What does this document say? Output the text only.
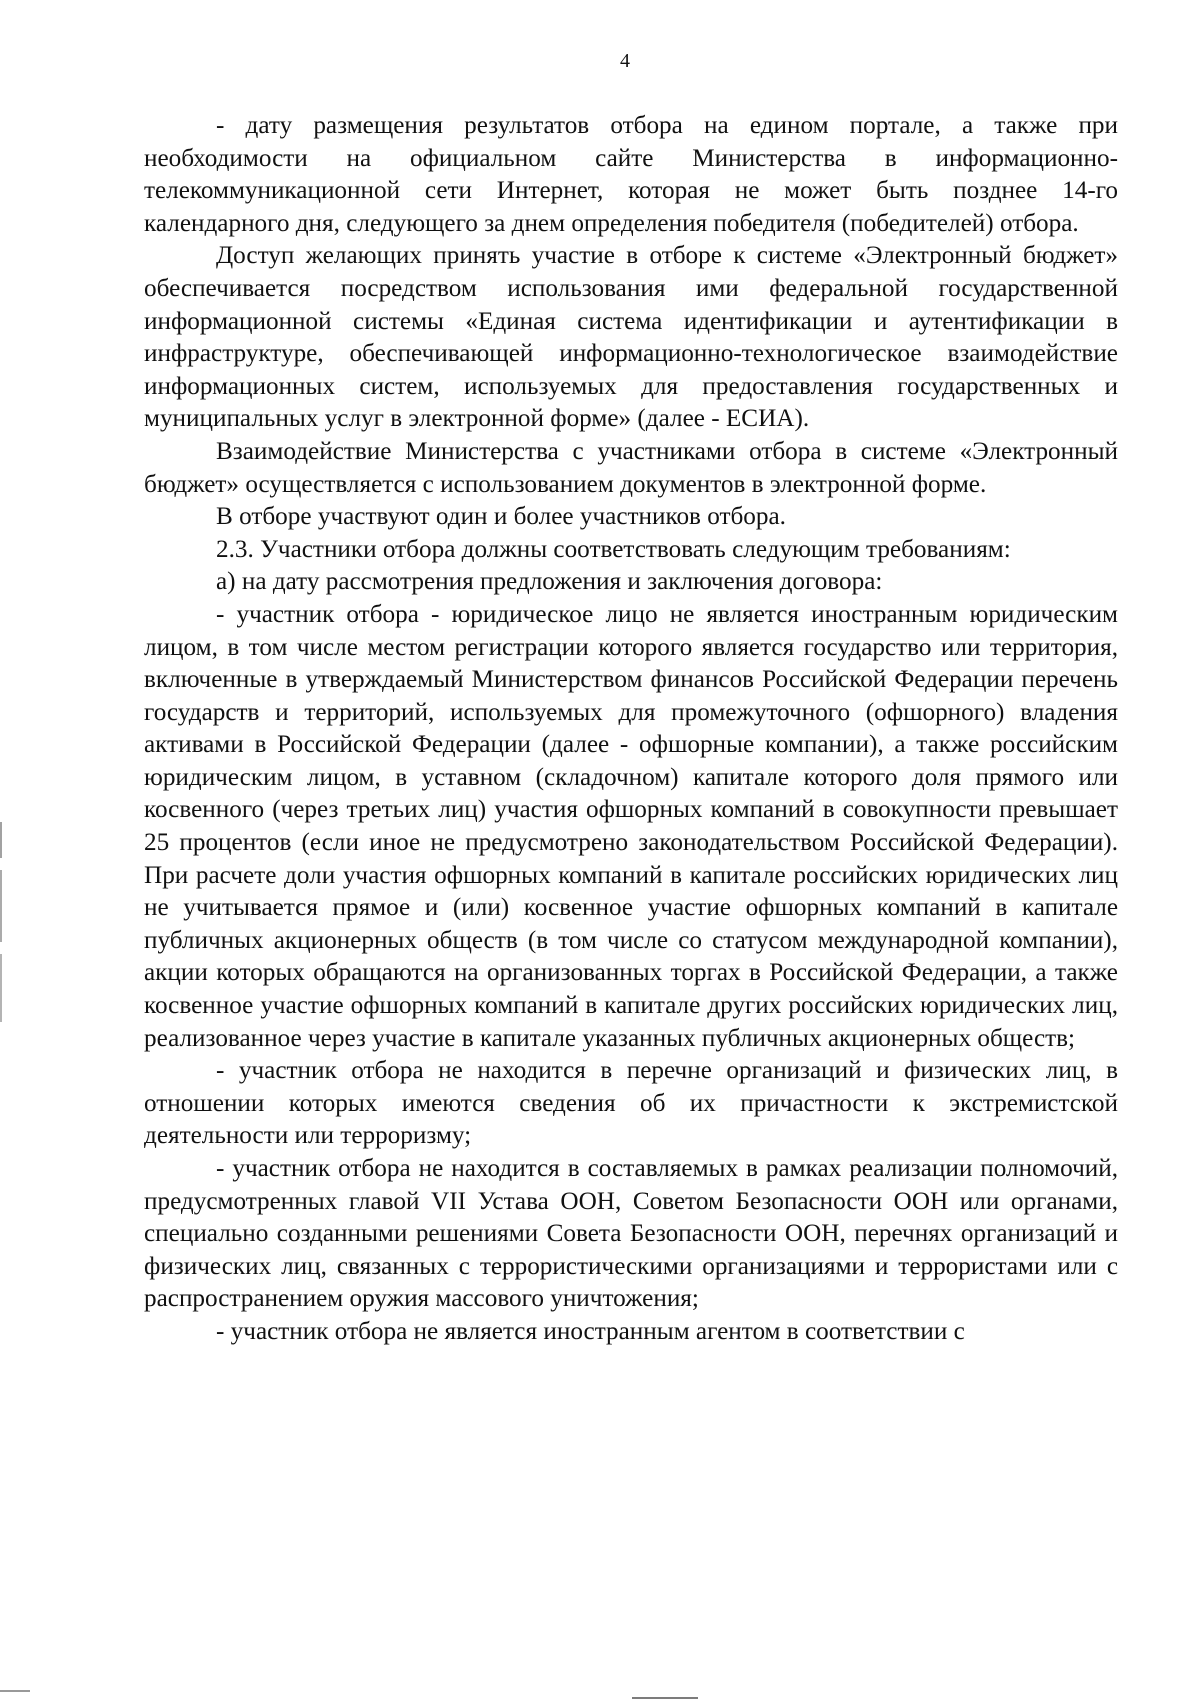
4

- дату размещения результатов отбора на едином портале, а также при необходимости на официальном сайте Министерства в информационно-телекоммуникационной сети Интернет, которая не может быть позднее 14-го календарного дня, следующего за днем определения победителя (победителей) отбора.

Доступ желающих принять участие в отборе к системе «Электронный бюджет» обеспечивается посредством использования ими федеральной государственной информационной системы «Единая система идентификации и аутентификации в инфраструктуре, обеспечивающей информационно-технологическое взаимодействие информационных систем, используемых для предоставления государственных и муниципальных услуг в электронной форме» (далее - ЕСИА).

Взаимодействие Министерства с участниками отбора в системе «Электронный бюджет» осуществляется с использованием документов в электронной форме.

В отборе участвуют один и более участников отбора.

2.3. Участники отбора должны соответствовать следующим требованиям:

а) на дату рассмотрения предложения и заключения договора:

- участник отбора - юридическое лицо не является иностранным юридическим лицом, в том числе местом регистрации которого является государство или территория, включенные в утверждаемый Министерством финансов Российской Федерации перечень государств и территорий, используемых для промежуточного (офшорного) владения активами в Российской Федерации (далее - офшорные компании), а также российским юридическим лицом, в уставном (складочном) капитале которого доля прямого или косвенного (через третьих лиц) участия офшорных компаний в совокупности превышает 25 процентов (если иное не предусмотрено законодательством Российской Федерации). При расчете доли участия офшорных компаний в капитале российских юридических лиц не учитывается прямое и (или) косвенное участие офшорных компаний в капитале публичных акционерных обществ (в том числе со статусом международной компании), акции которых обращаются на организованных торгах в Российской Федерации, а также косвенное участие офшорных компаний в капитале других российских юридических лиц, реализованное через участие в капитале указанных публичных акционерных обществ;

- участник отбора не находится в перечне организаций и физических лиц, в отношении которых имеются сведения об их причастности к экстремистской деятельности или терроризму;

- участник отбора не находится в составляемых в рамках реализации полномочий, предусмотренных главой VII Устава ООН, Советом Безопасности ООН или органами, специально созданными решениями Совета Безопасности ООН, перечнях организаций и физических лиц, связанных с террористическими организациями и террористами или с распространением оружия массового уничтожения;

- участник отбора не является иностранным агентом в соответствии с
